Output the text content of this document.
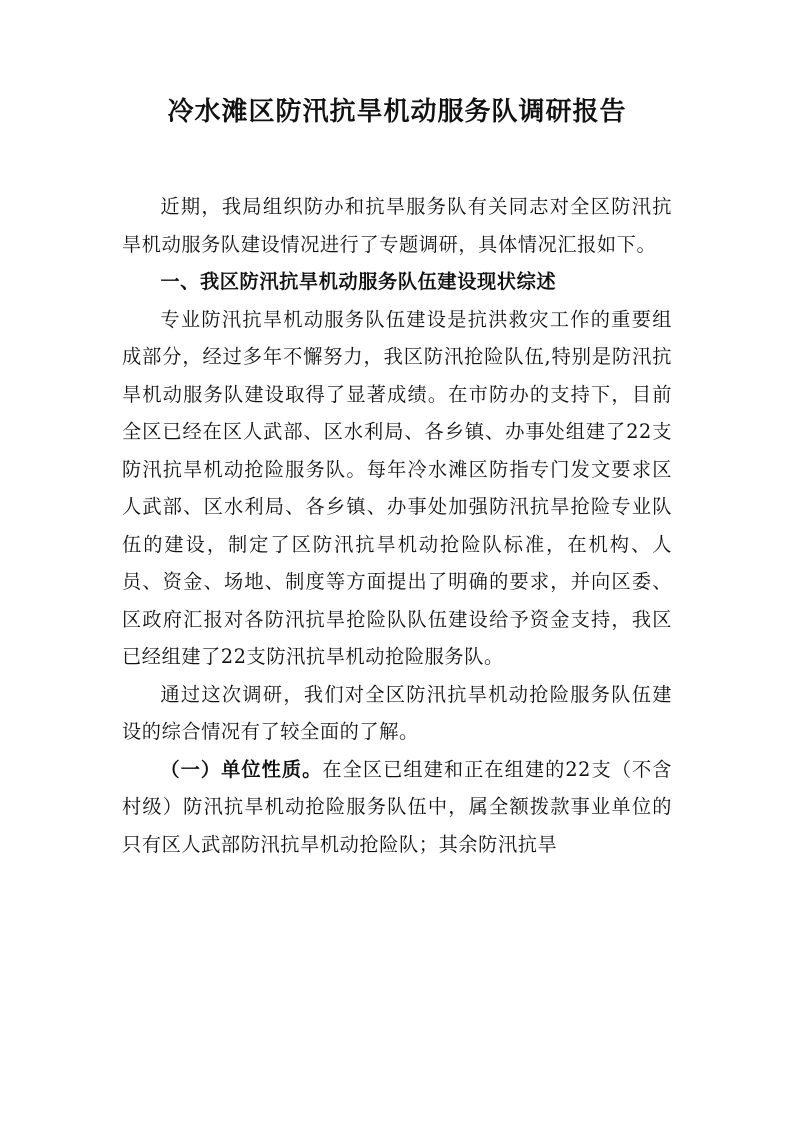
冷水滩区防汛抗旱机动服务队调研报告

近期，我局组织防办和抗旱服务队有关同志对全区防汛抗旱机动服务队建设情况进行了专题调研，具体情况汇报如下。

一、我区防汛抗旱机动服务队伍建设现状综述

专业防汛抗旱机动服务队伍建设是抗洪救灾工作的重要组成部分，经过多年不懈努力，我区防汛抢险队伍,特别是防汛抗旱机动服务队建设取得了显著成绩。在市防办的支持下，目前全区已经在区人武部、区水利局、各乡镇、办事处组建了22支防汛抗旱机动抢险服务队。每年冷水滩区防指专门发文要求区人武部、区水利局、各乡镇、办事处加强防汛抗旱抢险专业队伍的建设，制定了区防汛抗旱机动抢险队标准，在机构、人员、资金、场地、制度等方面提出了明确的要求，并向区委、区政府汇报对各防汛抗旱抢险队队伍建设给予资金支持，我区已经组建了22支防汛抗旱机动抢险服务队。

通过这次调研，我们对全区防汛抗旱机动抢险服务队伍建设的综合情况有了较全面的了解。

（一）单位性质。在全区已组建和正在组建的22支（不含村级）防汛抗旱机动抢险服务队伍中，属全额拨款事业单位的只有区人武部防汛抗旱机动抢险队；其余防汛抗旱
